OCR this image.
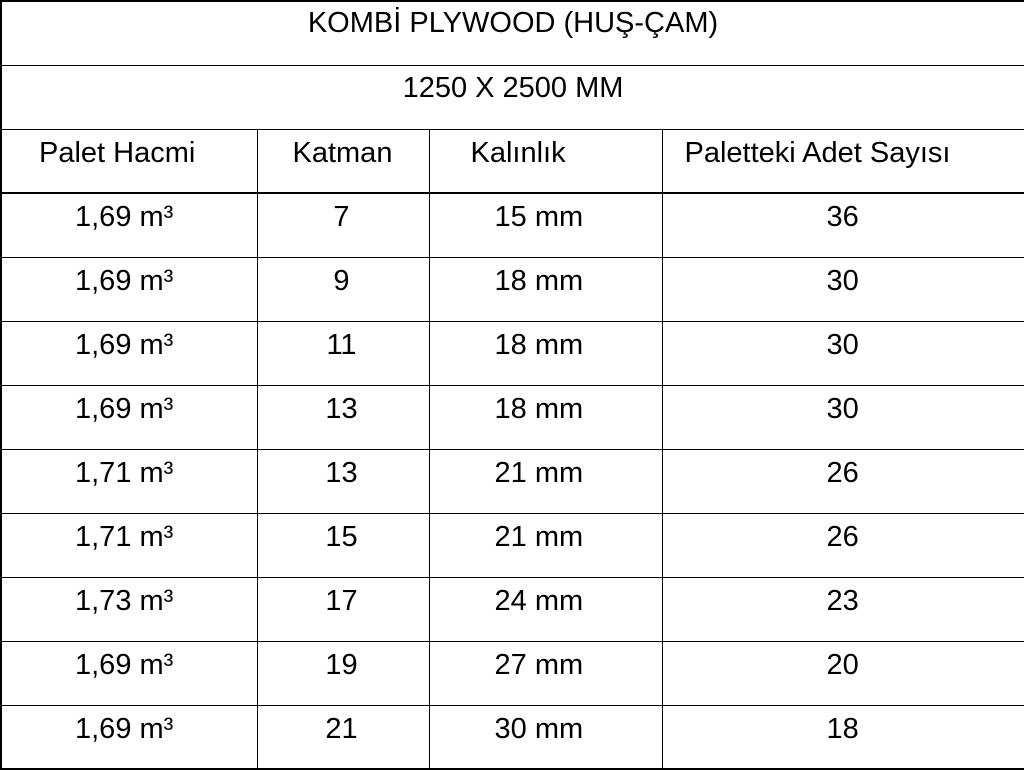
KOMBİ PLYWOOD (HUŞ-ÇAM)			
1250 X 2500 MM			

Palet Hacmi	Katman	Kalınlık	Paletteki Adet Sayısı

1,69 m³	7	15 mm	36

1,69 m³	9	18 mm	30

1,69 m³	11	18 mm	30

1,69 m³	13	18 mm	30

1,71 m³	13	21 mm	26

1,71 m³	15	21 mm	26

1,73 m³	17	24 mm	23

1,69 m³	19	27 mm	20

1,69 m³	21	30 mm	18
